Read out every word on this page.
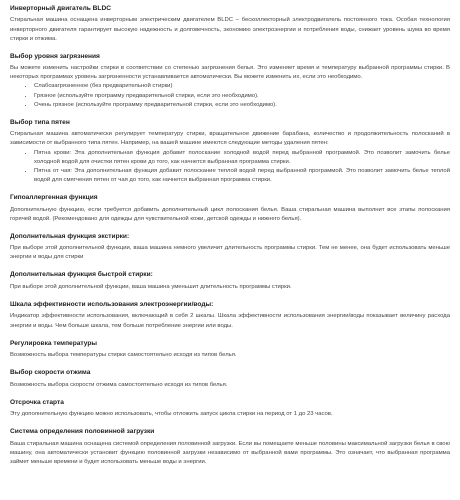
Инверторный двигатель BLDC

Стиральная машина оснащена инверторным электрическим двигателем BLDC – бесколлекторный электродвигатель постоянного тока. Особая технология инверторного двигателя гарантирует высокую надежность и долговечность, экономию электроэнергии и потребления воды, снижает уровень шума во время стирки и отжима.

Выбор уровня загрязнения

Вы можете изменить настройки стирки в соответствии со степенью загрязнения белья. Это изменяет время и температуру выбранной программы стирки. В некоторых программах уровень загрязненности устанавливается автоматически. Вы можете изменить их, если это необходимо.

• Слабозагрязненное (без предварительной стирки)
• Грязное (используйте программу предварительной стирки, если это необходимо).
• Очень грязное (используйте программу предварительной стирки, если это необходимо).
Выбор типа пятен

Стиральная машина автоматически регулирует температуру стирки, вращательное движение барабана, количество и продолжительность полосканий в зависимости от выбранного типа пятен. Например, на вашей машине имеются следующие методы удаления пятен:

• Пятна крови: Эта дополнительная функция добавит полоскание холодной водой перед выбранной программой. Это позволит замочить белье холодной водой для очистки пятен крови до того, как начнется выбранная программа стирки.
• Пятна от чая: Эта дополнительная функция добавит полоскание теплой водой перед выбранной программой. Это позволит замочить белье теплой водой для смягчения пятен от чая до того, как начнется выбранная программа стирки.
Гипоаллергенная функция

Дополнительную функцию, если требуется добавить дополнительный цикл полоскания белья. Ваша стиральная машина выполнит все этапы полоскания горячей водой. (Рекомендовано для одежды для чувствительной кожи, детской одежды и нижнего белья).

Дополнительная функция экстирки:

При выборе этой дополнительной функции, ваша машина немного увеличит длительность программы стирки. Тем не менее, она будет использовать меньше энергии и воды для стирки

Дополнительная функция быстрой стирки:

При выборе этой дополнительной функции, ваша машина уменьшит длительность программы стирки.

Шкала эффективности использования электроэнергии/воды:

Индикатор эффективности использования, включающий в себя 2 шкалы. Шкала эффективности использования энергии/воды показывает величину расхода энергии и воды. Чем больше шкала, тем больше потребление энергии или воды.

Регулировка температуры

Возможность выбора температуры стирки самостоятельно исходя из типов белья.

Выбор скорости отжима

Возможность выбора скорости отжима самостоятельно исходя из типов белья.

Отсрочка старта

Эту дополнительную функцию можно использовать, чтобы отложить запуск цикла стирки на период от 1 до 23 часов.

Система определения половинной загрузки

Ваша стиральная машина оснащена системой определения половинной загрузки. Если вы помещаете меньше половины максимальной загрузки белья в свою машину, она автоматически установит функцию половинной загрузки независимо от выбранной вами программы. Это означает, что выбранная программа займет меньше времени и будет использовать меньше воды и энергии.
